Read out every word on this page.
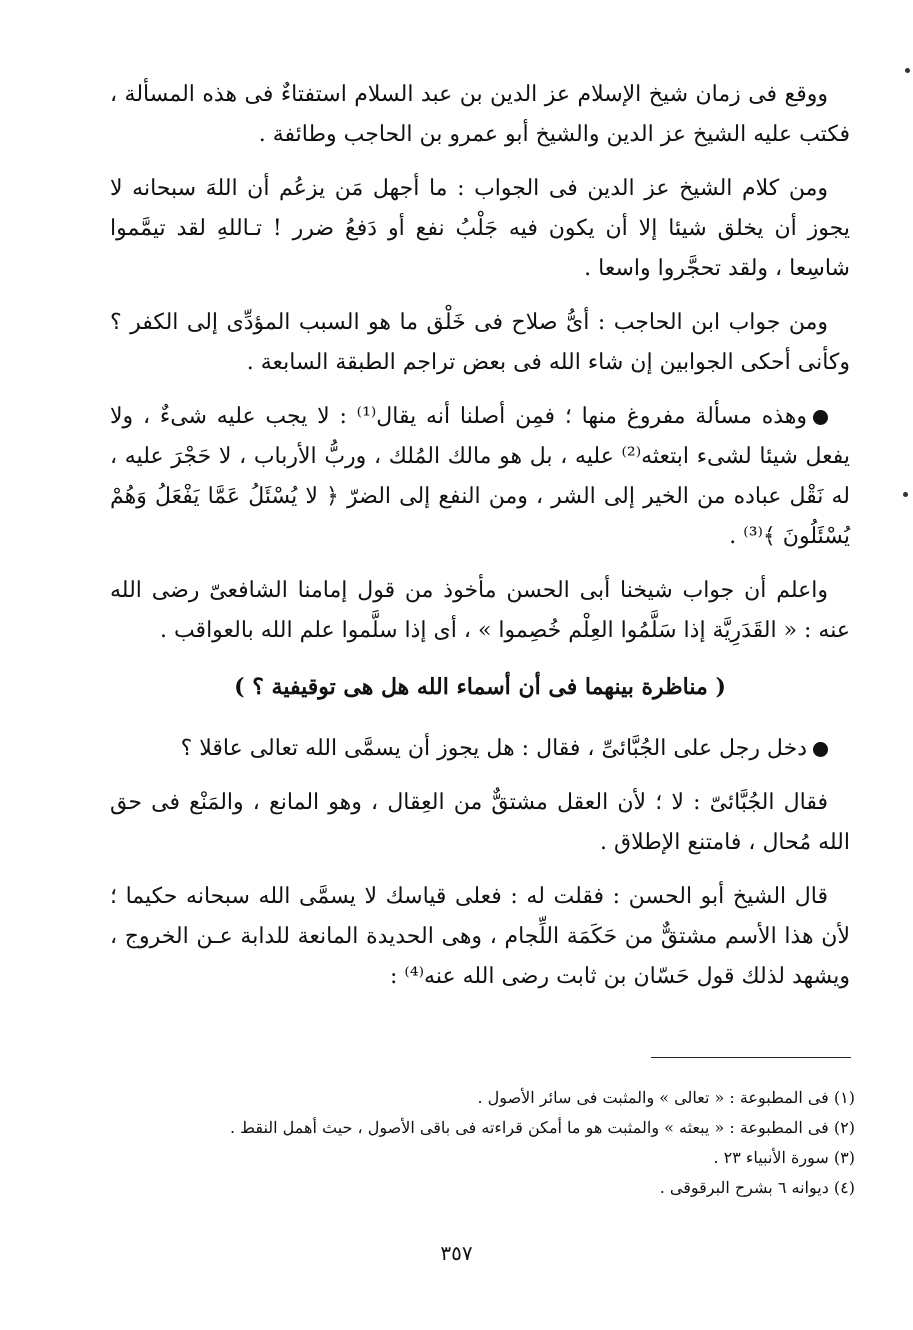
ووقع فى زمان شيخ الإسلام عز الدين بن عبد السلام استفتاءٌ فى هذه المسألة ، فكتب عليه الشيخ عز الدين والشيخ أبو عمرو بن الحاجب وطائفة .

ومن كلام الشيخ عز الدين فى الجواب : ما أجهل مَن يزعُم أن اللهَ سبحانه لا يجوز أن يخلق شيئا إلا أن يكون فيه جَلْبُ نفع أو دَفعُ ضرر ! تـاللهِ لقد تيمَّموا شاسِعا ، ولقد تحجَّروا واسعا .

ومن جواب ابن الحاجب : أىُّ صلاح فى خَلْق ما هو السبب المؤدِّى إلى الكفر ؟ وكأنى أحكى الجوابين إن شاء الله فى بعض تراجم الطبقة السابعة .

وهذه مسألة مفروغ منها ؛ فمِن أصلنا أنه يقال⁽¹⁾ : لا يجب عليه شىءٌ ، ولا يفعل شيئا لشىء ابتعثه⁽²⁾ عليه ، بل هو مالك المُلك ، وربُّ الأرباب ، لا حَجْرَ عليه ، له نَقْل عباده من الخير إلى الشر ، ومن النفع إلى الضرّ ﴿ لا يُسْئَلُ عَمَّا يَفْعَلُ وَهُمْ يُسْئَلُونَ ﴾⁽³⁾ .

واعلم أن جواب شيخنا أبى الحسن مأخوذ من قول إمامنا الشافعىّ رضى الله عنه : « القَدَرِيَّة إذا سَلَّمُوا العِلْم خُصِموا » ، أى إذا سلَّموا علم الله بالعواقب .

( مناظرة بينهما فى أن أسماء الله هل هى توقيفية ؟ )

دخل رجل على الجُبَّائىِّ ، فقال : هل يجوز أن يسمَّى الله تعالى عاقلا ؟

فقال الجُبَّائىّ : لا ؛ لأن العقل مشتقٌّ من العِقال ، وهو المانع ، والمَنْع فى حق الله مُحال ، فامتنع الإطلاق .

قال الشيخ أبو الحسن : فقلت له : فعلى قياسك لا يسمَّى الله سبحانه حكيما ؛ لأن هذا الأسم مشتقٌّ من حَكَمَة اللِّجام ، وهى الحديدة المانعة للدابة عـن الخروج ، ويشهد لذلك قول حَسّان بن ثابت رضى الله عنه⁽⁴⁾ :

(١) فى المطبوعة : « تعالى » والمثبت فى سائر الأصول .
(٢) فى المطبوعة : « يبعثه » والمثبت هو ما أمكن قراءته فى باقى الأصول ، حيث أهمل النقط .
(٣) سورة الأنبياء ٢٣ .
(٤) ديوانه ٦ بشرح البرقوقى .
٣٥٧
